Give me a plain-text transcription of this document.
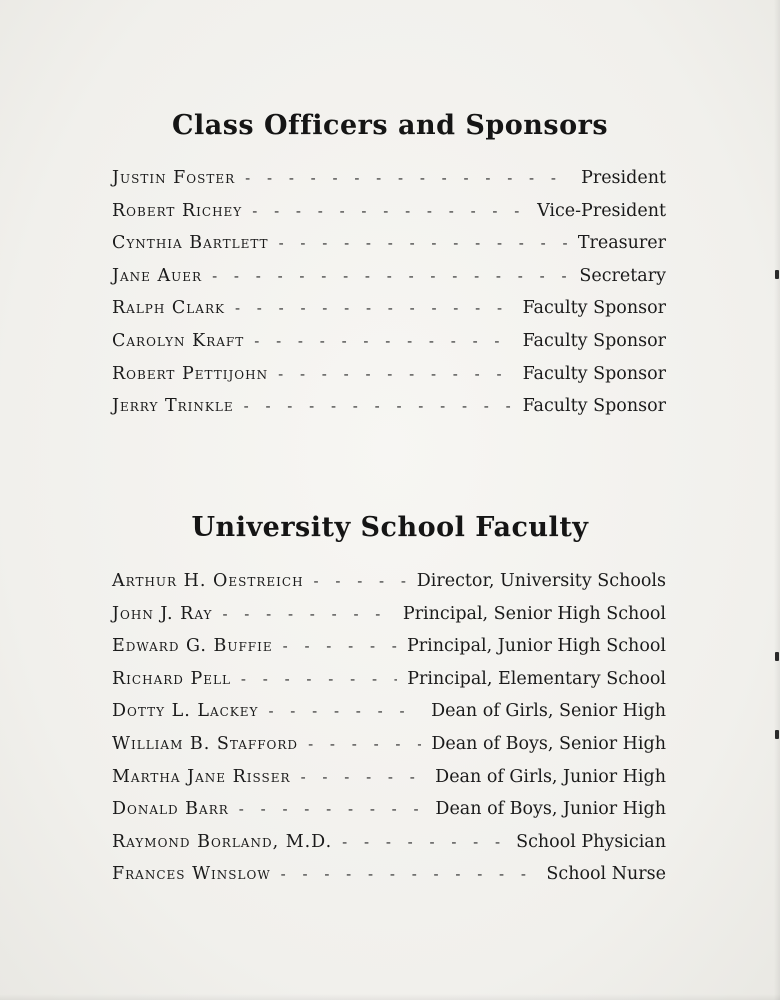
Class Officers and Sponsors
Justin Foster - - -	President
Robert Richey - - -	Vice-President
Cynthia Bartlett - - -	Treasurer
Jane Auer - - -	Secretary
Ralph Clark - - -	Faculty Sponsor
Carolyn Kraft - - -	Faculty Sponsor
Robert Pettijohn - - -	Faculty Sponsor
Jerry Trinkle - - -	Faculty Sponsor
University School Faculty
Arthur H. Oestreich - - -	Director, University Schools
John J. Ray - - -	Principal, Senior High School
Edward G. Buffie - - -	Principal, Junior High School
Richard Pell - - -	Principal, Elementary School
Dotty L. Lackey - - -	Dean of Girls, Senior High
William B. Stafford - - -	Dean of Boys, Senior High
Martha Jane Risser - - -	Dean of Girls, Junior High
Donald Barr - - -	Dean of Boys, Junior High
Raymond Borland, M.D. - - -	School Physician
Frances Winslow - - -	School Nurse
